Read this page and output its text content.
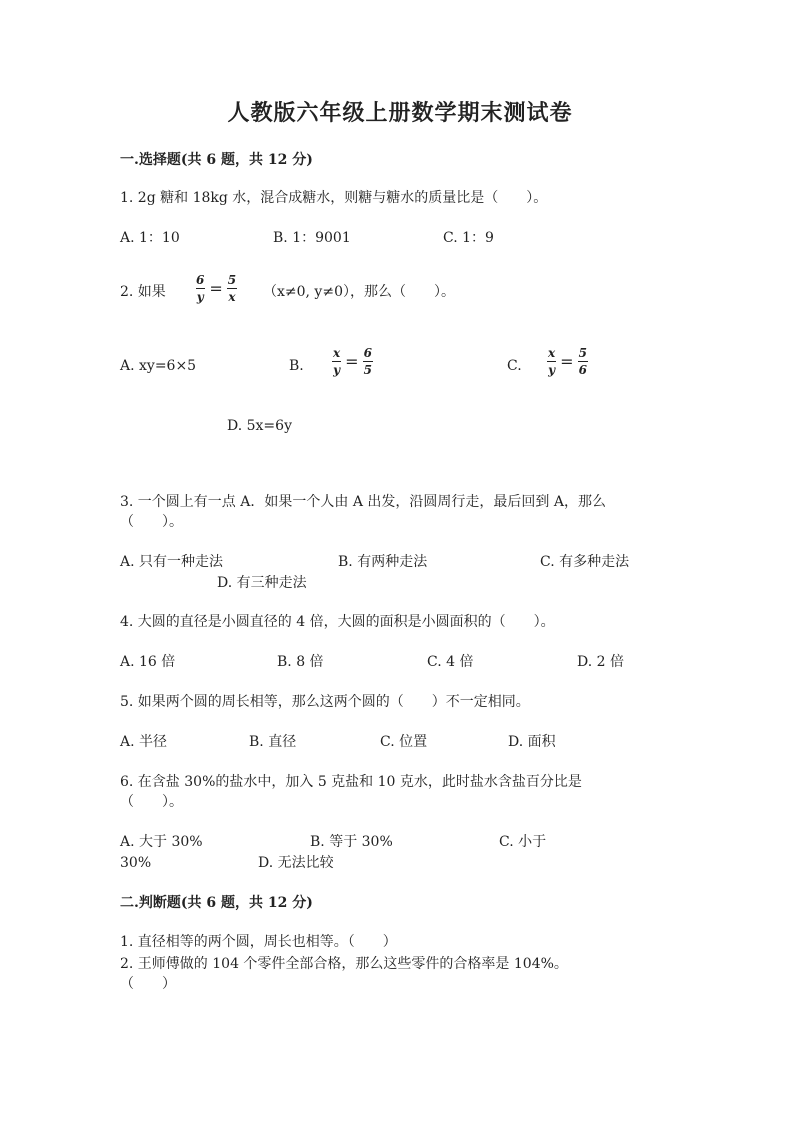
人教版六年级上册数学期末测试卷
一.选择题(共 6 题，共 12 分)
1. 2g 糖和 18kg 水，混合成糖水，则糖与糖水的质量比是（　　）。
A. 1：10	B. 1：9001	C. 1：9
2. 如果 $\frac{6}{y} = \frac{5}{x} (x\ne 0$, y≠0），那么（　　）。
A. xy=6×5	B. $\frac{x}{y} = \frac{6}{5}$	C. $\frac{x}{y} = \frac{5}{6}$
D. 5x=6y
3. 一个圆上有一点 A．如果一个人由 A 出发，沿圆周行走，最后回到 A，那么
（　　）。
A. 只有一种走法	B. 有两种走法	C. 有多种走法
D. 有三种走法
4. 大圆的直径是小圆直径的 4 倍，大圆的面积是小圆面积的（　　）。
A. 16 倍	B. 8 倍	C. 4 倍	D. 2 倍
5. 如果两个圆的周长相等，那么这两个圆的（　　）不一定相同。
A. 半径	B. 直径	C. 位置	D. 面积
6. 在含盐 30%的盐水中，加入 5 克盐和 10 克水，此时盐水含盐百分比是
（　　）。
A. 大于 30%	B. 等于 30%	C. 小于
30%	D. 无法比较
二.判断题(共 6 题，共 12 分)
1. 直径相等的两个圆，周长也相等。（　　）
2. 王师傅做的 104 个零件全部合格，那么这些零件的合格率是 104%。
（　　）
